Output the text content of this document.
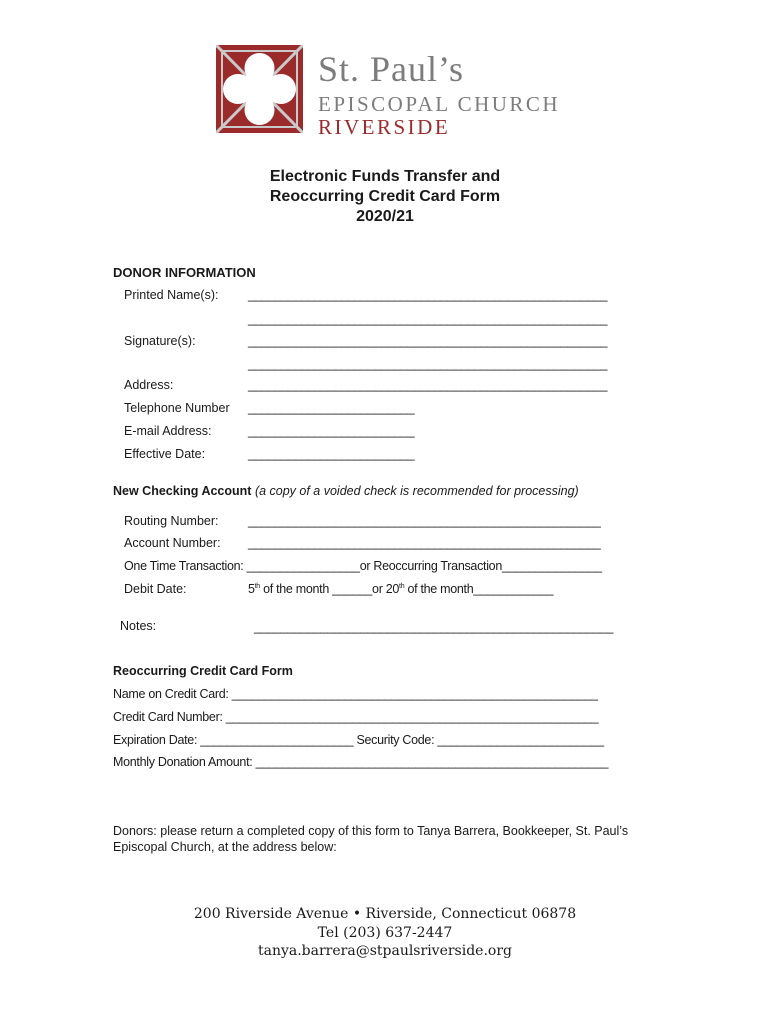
St. Paul’s
EPISCOPAL CHURCH
RIVERSIDE
Electronic Funds Transfer and
Reoccurring Credit Card Form
2020/21
DONOR INFORMATION
Printed Name(s): ______________________________________________________
______________________________________________________
Signature(s):	______________________________________________________
______________________________________________________
Address:	______________________________________________________
Telephone Number _________________________
E-mail Address:	_________________________
Effective Date:	_________________________
New Checking Account (a copy of a voided check is recommended for processing)
Routing Number: _____________________________________________________
Account Number: _____________________________________________________
One Time Transaction: _________________or Reoccurring Transaction_______________
Debit Date:	5th of the month ______or 20th of the month____________
Notes:	______________________________________________________
Reoccurring Credit Card Form
Name on Credit Card: _______________________________________________________
Credit Card Number: ________________________________________________________
Expiration Date: _______________________ Security Code: _________________________
Monthly Donation Amount: _____________________________________________________
Donors: please return a completed copy of this form to Tanya Barrera, Bookkeeper, St. Paul’s
Episcopal Church, at the address below:
200 Riverside Avenue • Riverside, Connecticut 06878
Tel (203) 637-2447
tanya.barrera@stpaulsriverside.org
